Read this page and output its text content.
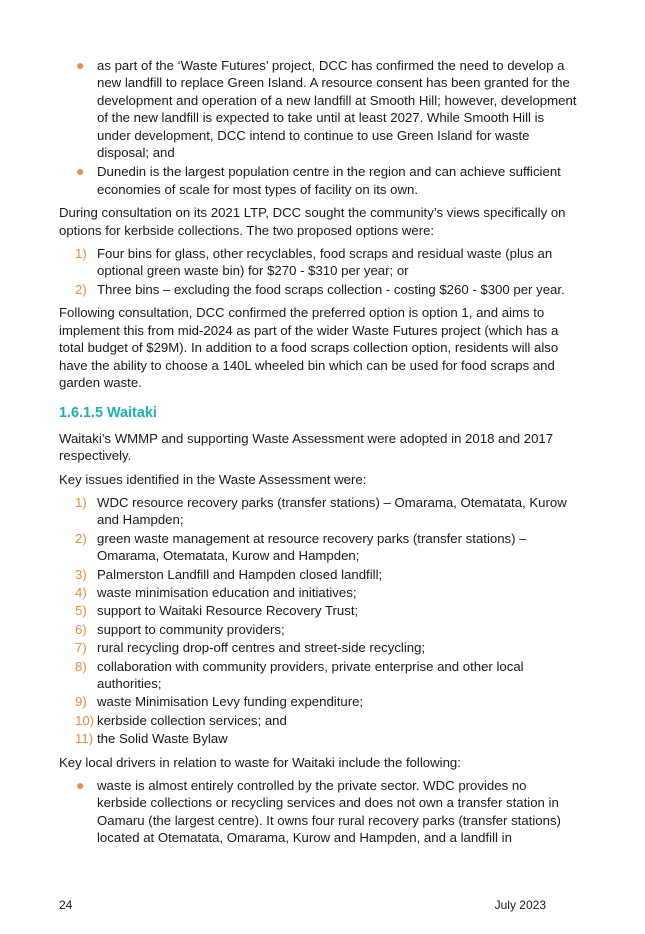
● as part of the ‘Waste Futures’ project, DCC has confirmed the need to develop a new landfill to replace Green Island. A resource consent has been granted for the development and operation of a new landfill at Smooth Hill; however, development of the new landfill is expected to take until at least 2027. While Smooth Hill is under development, DCC intend to continue to use Green Island for waste disposal; and
● Dunedin is the largest population centre in the region and can achieve sufficient economies of scale for most types of facility on its own.

During consultation on its 2021 LTP, DCC sought the community’s views specifically on options for kerbside collections. The two proposed options were:

1) Four bins for glass, other recyclables, food scraps and residual waste (plus an optional green waste bin) for $270 - $310 per year; or
2) Three bins – excluding the food scraps collection - costing $260 - $300 per year.

Following consultation, DCC confirmed the preferred option is option 1, and aims to implement this from mid-2024 as part of the wider Waste Futures project (which has a total budget of $29M). In addition to a food scraps collection option, residents will also have the ability to choose a 140L wheeled bin which can be used for food scraps and garden waste.

1.6.1.5 Waitaki

Waitaki’s WMMP and supporting Waste Assessment were adopted in 2018 and 2017 respectively.

Key issues identified in the Waste Assessment were:

1) WDC resource recovery parks (transfer stations) – Omarama, Otematata, Kurow and Hampden;
2) green waste management at resource recovery parks (transfer stations) – Omarama, Otematata, Kurow and Hampden;
3) Palmerston Landfill and Hampden closed landfill;
4) waste minimisation education and initiatives;
5) support to Waitaki Resource Recovery Trust;
6) support to community providers;
7) rural recycling drop-off centres and street-side recycling;
8) collaboration with community providers, private enterprise and other local authorities;
9) waste Minimisation Levy funding expenditure;
10) kerbside collection services; and
11) the Solid Waste Bylaw

Key local drivers in relation to waste for Waitaki include the following:

● waste is almost entirely controlled by the private sector. WDC provides no kerbside collections or recycling services and does not own a transfer station in Oamaru (the largest centre). It owns four rural recovery parks (transfer stations) located at Otematata, Omarama, Kurow and Hampden, and a landfill in
24	July 2023
